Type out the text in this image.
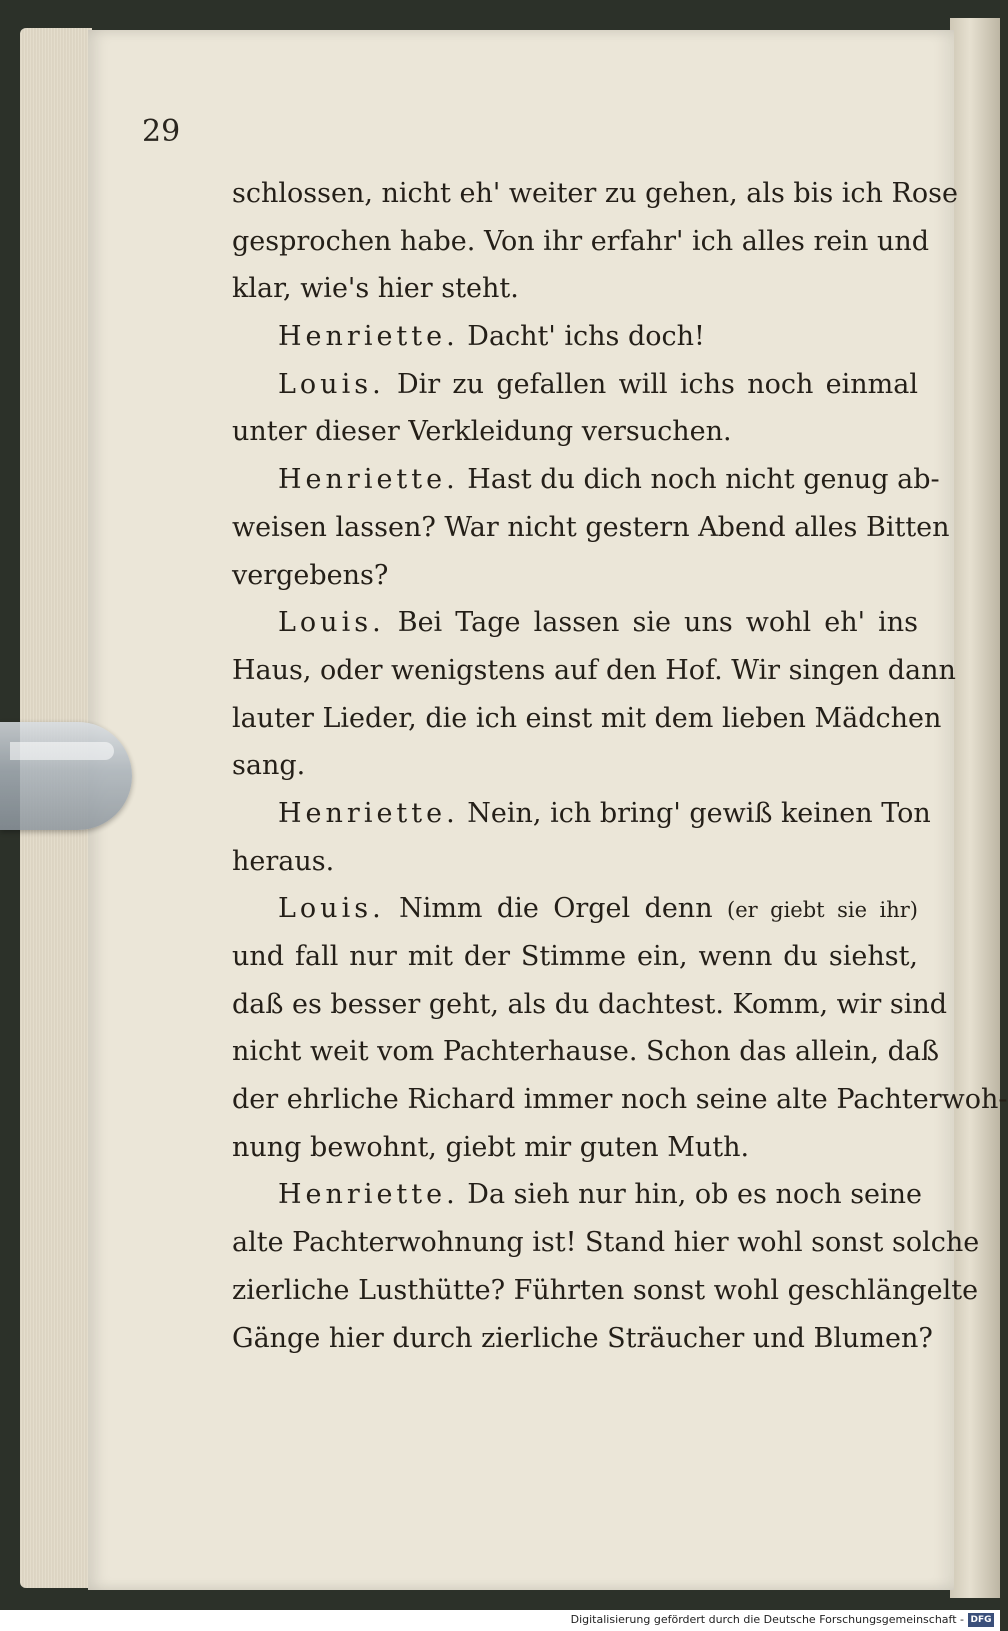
29
schlossen, nicht eh' weiter zu gehen, als bis ich Rose
gesprochen habe. Von ihr erfahr' ich alles rein und
klar, wie's hier steht.
Henriette. Dacht' ichs doch!
Louis. Dir zu gefallen will ichs noch einmal
unter dieser Verkleidung versuchen.
Henriette. Hast du dich noch nicht genug ab-
weisen lassen? War nicht gestern Abend alles Bitten
vergebens?
Louis. Bei Tage lassen sie uns wohl eh' ins
Haus, oder wenigstens auf den Hof. Wir singen dann
lauter Lieder, die ich einst mit dem lieben Mädchen
sang.
Henriette. Nein, ich bring' gewiß keinen Ton
heraus.
Louis. Nimm die Orgel denn (er giebt sie ihr)
und fall nur mit der Stimme ein, wenn du siehst,
daß es besser geht, als du dachtest. Komm, wir sind
nicht weit vom Pachterhause. Schon das allein, daß
der ehrliche Richard immer noch seine alte Pachterwoh-
nung bewohnt, giebt mir guten Muth.
Henriette. Da sieh nur hin, ob es noch seine
alte Pachterwohnung ist! Stand hier wohl sonst solche
zierliche Lusthütte? Führten sonst wohl geschlängelte
Gänge hier durch zierliche Sträucher und Blumen?
Digitalisierung gefördert durch die Deutsche Forschungsgemeinschaft - DFG
